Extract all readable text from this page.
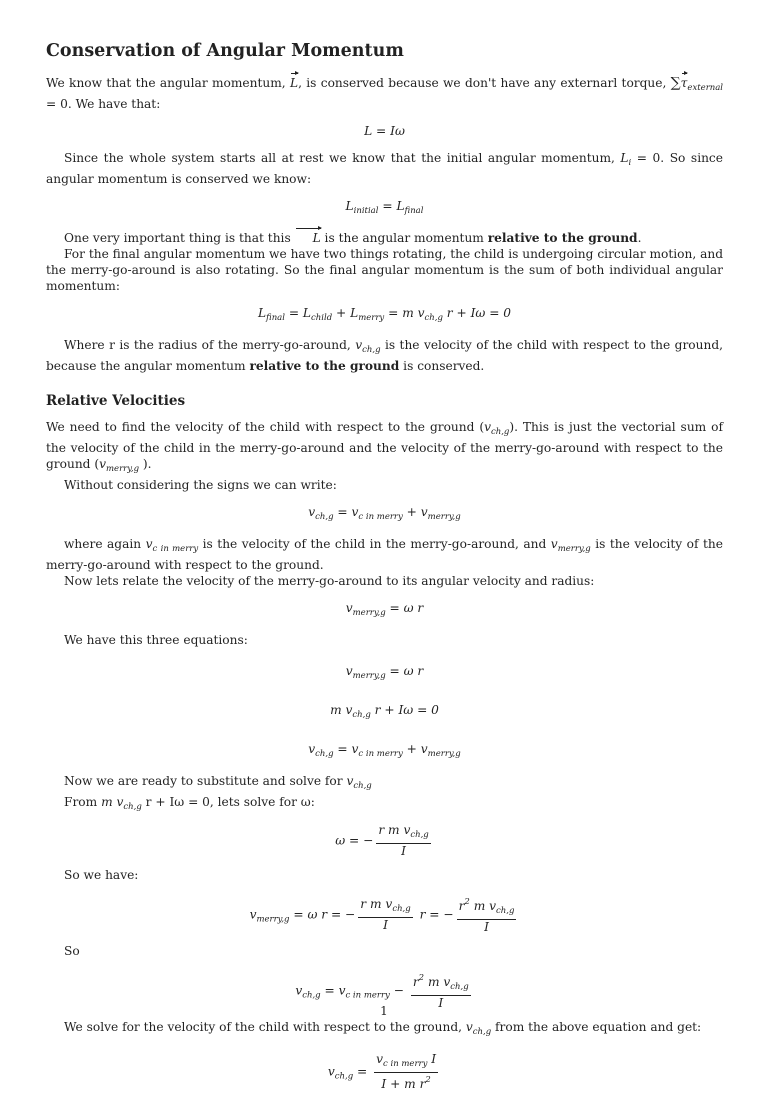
Conservation of Angular Momentum

We know that the angular momentum, L, is conserved because we don't have any externarl torque, $\sum\tau_{external} = 0$. We have that:

L = Iω

Since the whole system starts all at rest we know that the initial angular momentum, $L_i = 0$. So since angular momentum is conserved we know:

$L_{initial} = L_{final}$

One very important thing is that this L is the angular momentum relative to the ground.

For the final angular momentum we have two things rotating, the child is undergoing circular motion, and the merry-go-around is also rotating. So the final angular momentum is the sum of both individual angular momentum:

$L_{final} = L_{child} + L_{merry} = m$ $v_{ch,g}$ r + Iω = 0

Where r is the radius of the merry-go-around, $v_{ch,g}$ is the velocity of the child with respect to the ground, because the angular momentum relative to the ground is conserved.

Relative Velocities

We need to find the velocity of the child with respect to the ground $(v_{ch,g})$. This is just the vectorial sum of the velocity of the child in the merry-go-around and the velocity of the merry-go-around with respect to the ground ($v_{merry,g}$ ).

Without considering the signs we can write:

$v_{ch,g} = v_{c in merry} + v_{merry,g}$

where again $v_{c in merry}$ is the velocity of the child in the merry-go-around, and $v_{merry,g}$ is the velocity of the merry-go-around with respect to the ground.

Now lets relate the velocity of the merry-go-around to its angular velocity and radius:

$v_{merry,g} = \omega$ r

We have this three equations:

$v_{merry,g} = \omega$ r
m $v_{ch,g}$ r + Iω = 0
$v_{ch,g} = v_{c in merry} + v_{merry,g}$

Now we are ready to substitute and solve for $v_{ch,g}$

From m $v_{ch,g}$ r + Iω = 0, lets solve for ω:

ω = − $\frac{r m v_{ch,g}}{I}$

So we have:

$v_{merry,g} = \omega$ r = − $\frac{r m v_{ch,g}}{I}$ r = − $\frac{r^2 m v_{ch,g}}{I}$

So

$v_{ch,g} = v_{c in merry} - \frac{r^2 m v_{ch,g}}{I}$

We solve for the velocity of the child with respect to the ground, $v_{ch,g}$ from the above equation and get:

$v_{ch,g} = \frac{v_{c in merry} I}{I + m r^2}$
1
